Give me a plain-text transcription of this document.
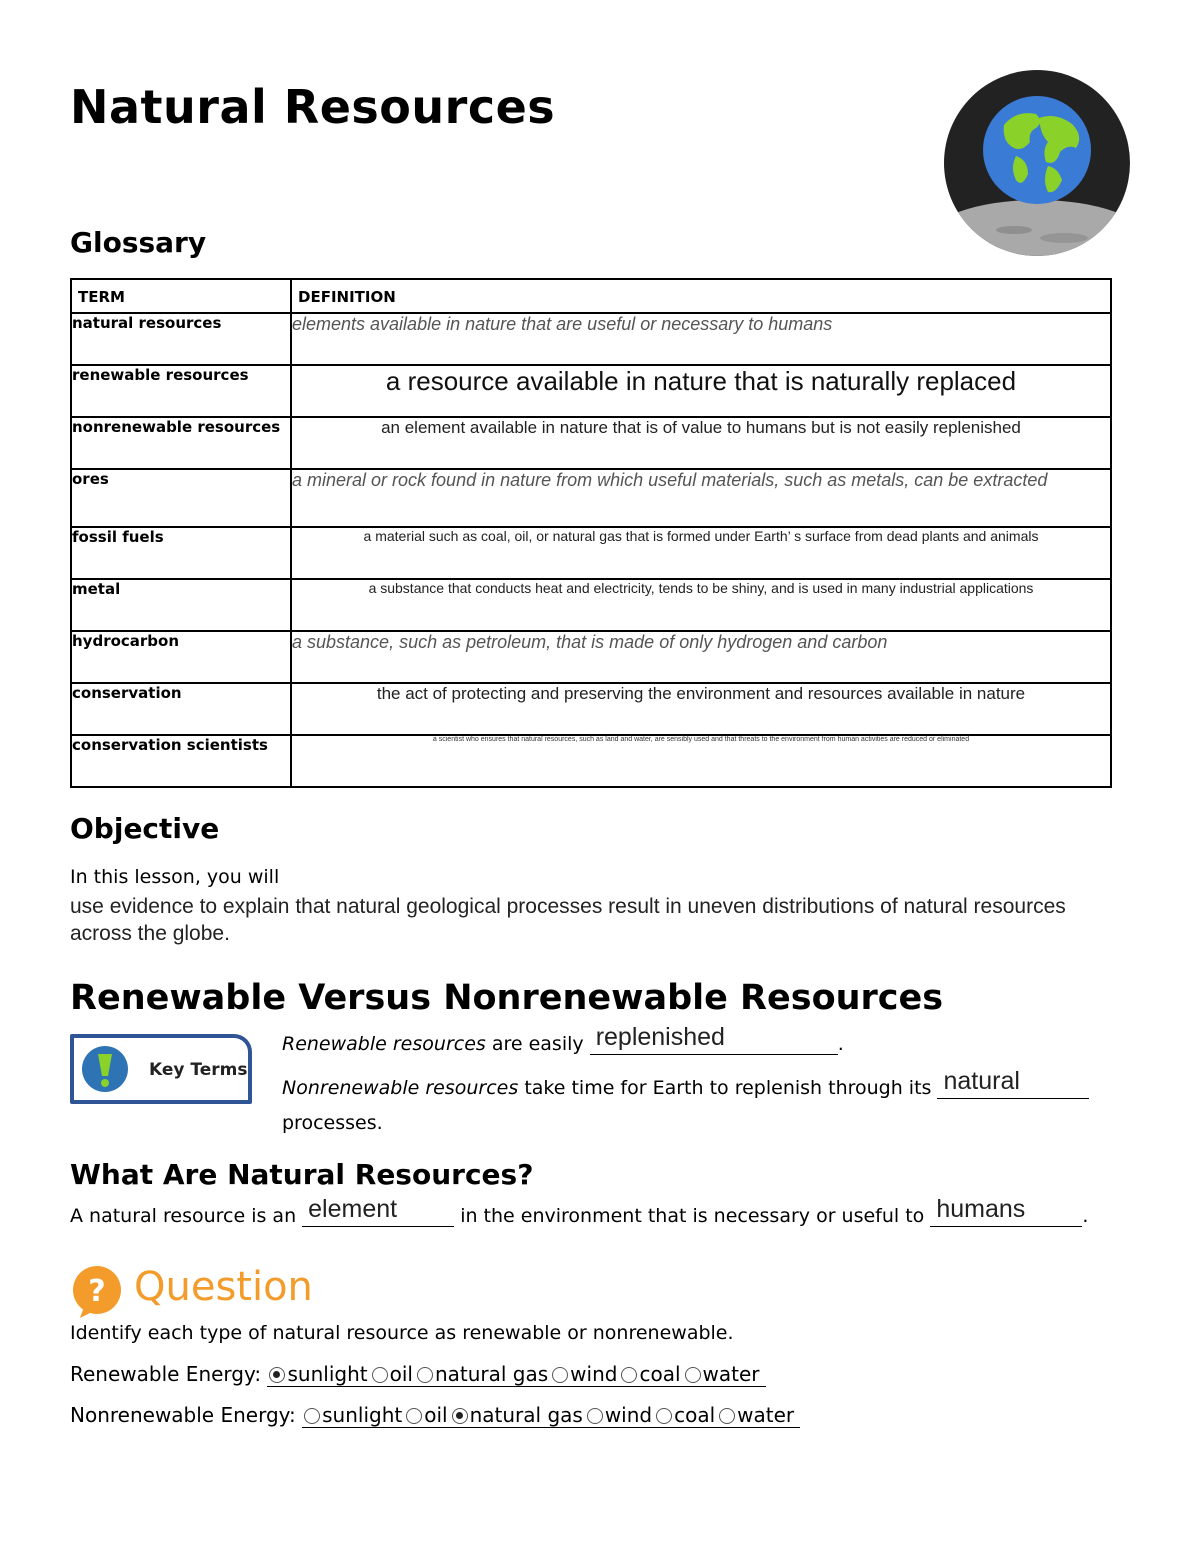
Natural Resources
Glossary
TERM	DEFINITION
natural resources	elements available in nature that are useful or necessary to humans
renewable resources	a resource available in nature that is naturally replaced
nonrenewable resources	an element available in nature that is of value to humans but is not easily replenished
ores	a mineral or rock found in nature from which useful materials, such as metals, can be extracted
fossil fuels	a material such as coal, oil, or natural gas that is formed under Earth’ s surface from dead plants and animals
metal	a substance that conducts heat and electricity, tends to be shiny, and is used in many industrial applications
hydrocarbon	a substance, such as petroleum, that is made of only hydrogen and carbon
conservation	the act of protecting and preserving the environment and resources available in nature
conservation scientists	a scientist who ensures that natural resources, such as land and water, are sensibly used and that threats to the environment from human activities are reduced or eliminated
Objective
In this lesson, you will
use evidence to explain that natural geological processes result in uneven distributions of natural resources across the globe.
Renewable Versus Nonrenewable Resources
Key Terms
Renewable resources are easily replenished	.
Nonrenewable resources take time for Earth to replenish through its natural
processes.
What Are Natural Resources?
A natural resource is an element	in the environment that is necessary or useful to humans	.
? Question
Identify each type of natural resource as renewable or nonrenewable.
Renewable Energy: sunlight oil natural gas wind coal water
Nonrenewable Energy: sunlight oil natural gas wind coal water
